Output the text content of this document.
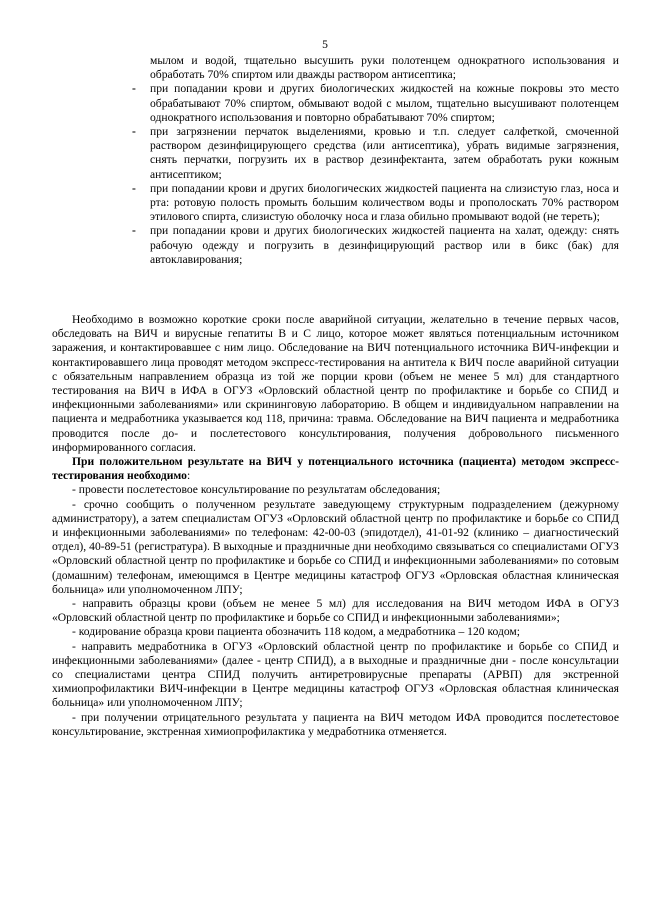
5

мылом и водой, тщательно высушить руки полотенцем однократного использования и обработать 70% спиртом или дважды раствором антисептика;

- при попадании крови и других биологических жидкостей на кожные покровы это место обрабатывают 70% спиртом, обмывают водой с мылом, тщательно высушивают полотенцем однократного использования и повторно обрабатывают 70% спиртом;
- при загрязнении перчаток выделениями, кровью и т.п. следует салфеткой, смоченной раствором дезинфицирующего средства (или антисептика), убрать видимые загрязнения, снять перчатки, погрузить их в раствор дезинфектанта, затем обработать руки кожным антисептиком;
- при попадании крови и других биологических жидкостей пациента на слизистую глаз, носа и рта: ротовую полость промыть большим количеством воды и прополоскать 70% раствором этилового спирта, слизистую оболочку носа и глаза обильно промывают водой (не тереть);
- при попадании крови и других биологических жидкостей пациента на халат, одежду: снять рабочую одежду и погрузить в дезинфицирующий раствор или в бикс (бак) для автоклавирования;

Необходимо в возможно короткие сроки после аварийной ситуации, желательно в течение первых часов, обследовать на ВИЧ и вирусные гепатиты В и С лицо, которое может являться потенциальным источником заражения, и контактировавшее с ним лицо. Обследование на ВИЧ потенциального источника ВИЧ-инфекции и контактировавшего лица проводят методом экспресс-тестирования на антитела к ВИЧ после аварийной ситуации с обязательным направлением образца из той же порции крови (объем не менее 5 мл) для стандартного тестирования на ВИЧ в ИФА в ОГУЗ «Орловский областной центр по профилактике и борьбе со СПИД и инфекционными заболеваниями» или скрининговую лабораторию. В общем и индивидуальном направлении на пациента и медработника указывается код 118, причина: травма. Обследование на ВИЧ пациента и медработника проводится после до- и послетестового консультирования, получения добровольного письменного информированного согласия.

При положительном результате на ВИЧ у потенциального источника (пациента) методом экспресс-тестирования необходимо:

- провести послетестовое консультирование по результатам обследования;

- срочно сообщить о полученном результате заведующему структурным подразделением (дежурному администратору), а затем специалистам ОГУЗ «Орловский областной центр по профилактике и борьбе со СПИД и инфекционными заболеваниями» по телефонам: 42-00-03 (эпидотдел), 41-01-92 (клинико – диагностический отдел), 40-89-51 (регистратура). В выходные и праздничные дни необходимо связываться со специалистами ОГУЗ «Орловский областной центр по профилактике и борьбе со СПИД и инфекционными заболеваниями» по сотовым (домашним) телефонам, имеющимся в Центре медицины катастроф ОГУЗ «Орловская областная клиническая больница» или уполномоченном ЛПУ;

- направить образцы крови (объем не менее 5 мл) для исследования на ВИЧ методом ИФА в ОГУЗ «Орловский областной центр по профилактике и борьбе со СПИД и инфекционными заболеваниями»;

- кодирование образца крови пациента обозначить 118 кодом, а медработника – 120 кодом;

- направить медработника в ОГУЗ «Орловский областной центр по профилактике и борьбе со СПИД и инфекционными заболеваниями» (далее - центр СПИД), а в выходные и праздничные дни - после консультации со специалистами центра СПИД получить антиретровирусные препараты (АРВП) для экстренной химиопрофилактики ВИЧ-инфекции в Центре медицины катастроф ОГУЗ «Орловская областная клиническая больница» или уполномоченном ЛПУ;

- при получении отрицательного результата у пациента на ВИЧ методом ИФА проводится послетестовое консультирование, экстренная химиопрофилактика у медработника отменяется.
